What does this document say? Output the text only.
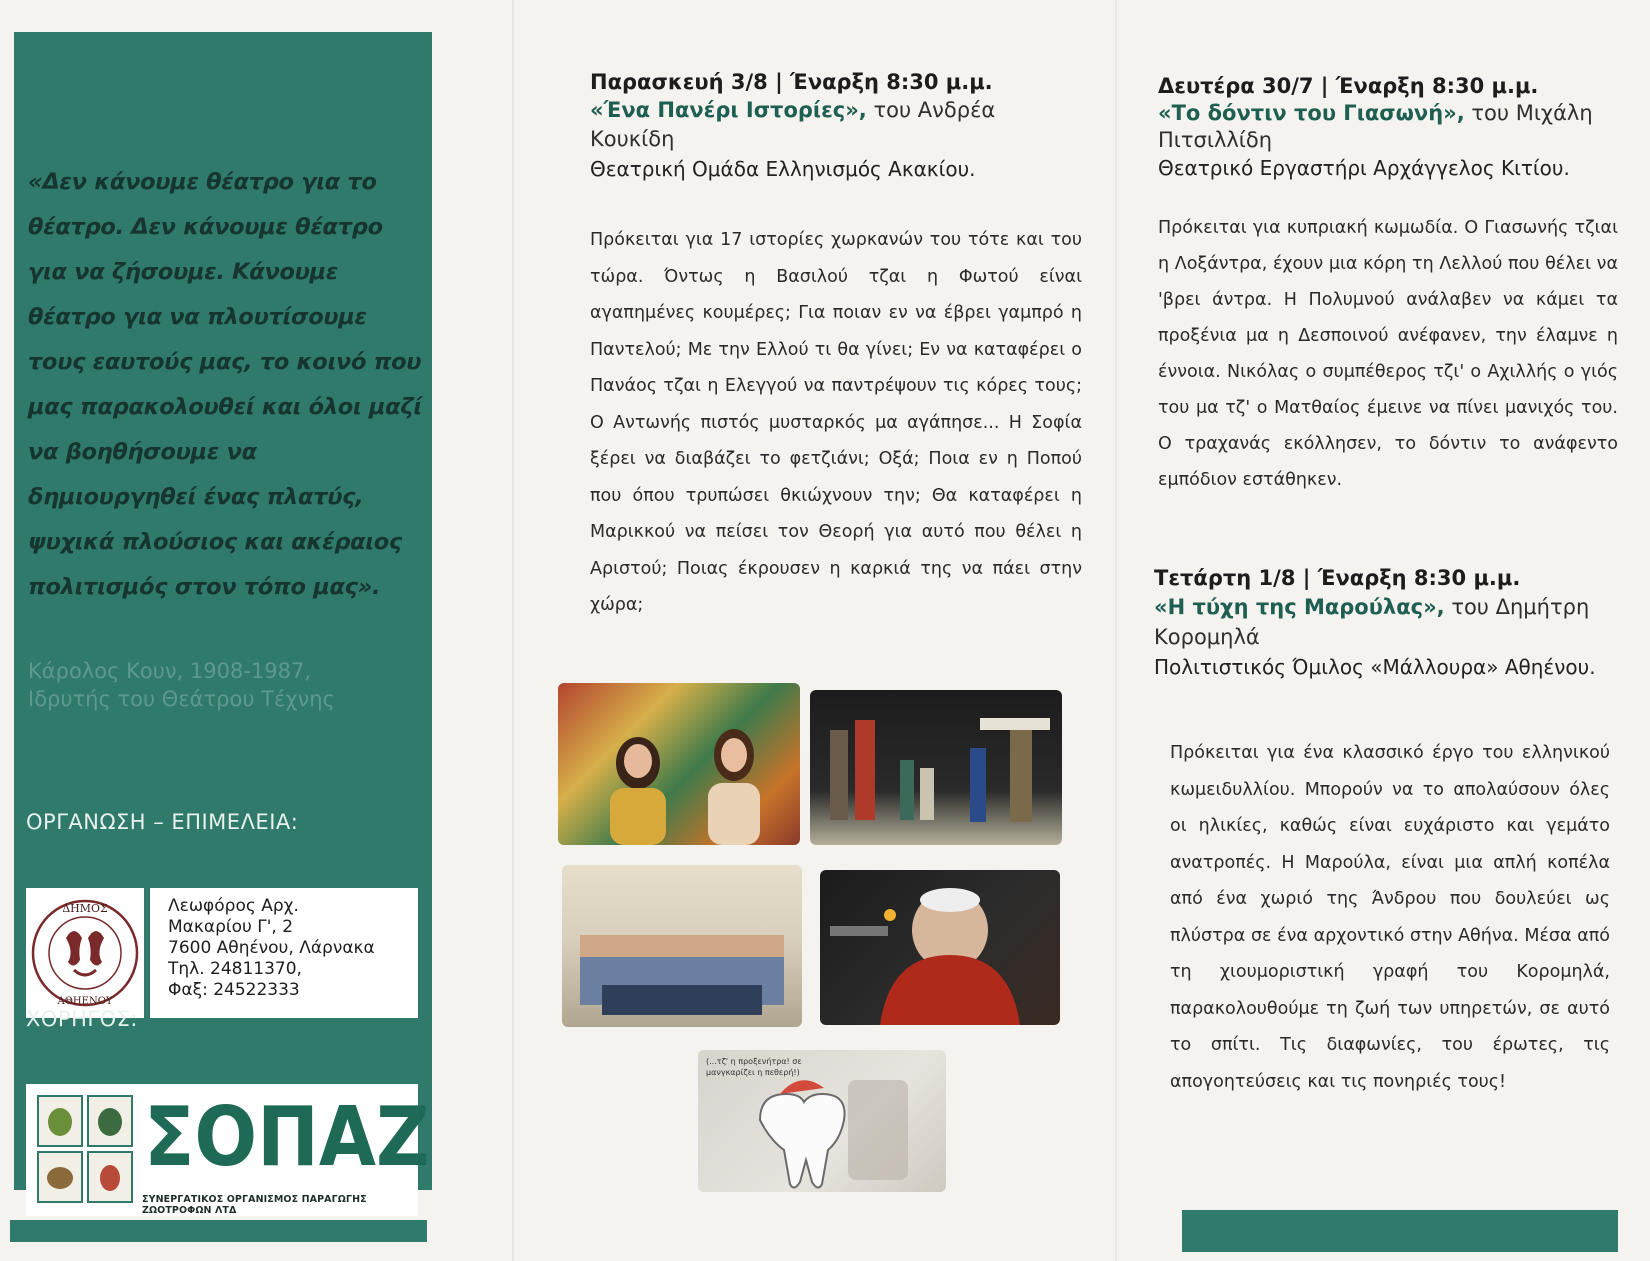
«Δεν κάνουμε θέατρο για το θέατρο. Δεν κάνουμε θέατρο για να ζήσουμε. Κάνουμε θέατρο για να πλουτίσουμε τους εαυτούς μας, το κοινό που μας παρακολουθεί και όλοι μαζί να βοηθήσουμε να δημιουργηθεί ένας πλατύς, ψυχικά πλούσιος και ακέραιος πολιτισμός στον τόπο μας».

Κάρολος Κουν, 1908-1987,
Ιδρυτής του Θεάτρου Τέχνης
ΟΡΓΑΝΩΣΗ – ΕΠΙΜΕΛΕΙΑ:
ΔΗΜΟΣ
ΑΘΗΕΝΟΥ
Λεωφόρος Αρχ.
Μακαρίου Γ', 2
7600 Αθηένου, Λάρνακα
Τηλ. 24811370,
Φαξ: 24522333
ΧΟΡΗΓΟΣ:
ΣΟΠΑΖ
ΣΥΝΕΡΓΑΤΙΚΟΣ ΟΡΓΑΝΙΣΜΟΣ ΠΑΡΑΓΩΓΗΣ ΖΩΟΤΡΟΦΩΝ ΛΤΔ

Παρασκευή 3/8 | Έναρξη 8:30 μ.μ.

«Ένα Πανέρι Ιστορίες», του Ανδρέα Κουκίδη

Θεατρική Ομάδα Ελληνισμός Ακακίου.

Πρόκειται για 17 ιστορίες χωρκανών του τότε και του τώρα. Όντως η Βασιλού τζαι η Φωτού είναι αγαπημένες κουμέρες; Για ποιαν εν να έβρει γαμπρό η Παντελού; Με την Ελλού τι θα γίνει; Εν να καταφέρει ο Πανάος τζαι η Ελεγγού να παντρέψουν τις κόρες τους; Ο Αντωνής πιστός μυσταρκός μα αγάπησε... Η Σοφία ξέρει να διαβάζει το φετζιάνι; Οξά; Ποια εν η Ποπού που όπου τρυπώσει θκιώχνουν την; Θα καταφέρει η Μαρικκού να πείσει τον Θεορή για αυτό που θέλει η Αριστού; Ποιας έκρουσεν η καρκιά της να πάει στην χώρα;

(...τζ' η προξενήτρα! σε μανγκαρίζει η πεθερή!)

Δευτέρα 30/7 | Έναρξη 8:30 μ.μ.

«Το δόντιν του Γιασωνή», του Μιχάλη Πιτσιλλίδη

Θεατρικό Εργαστήρι Αρχάγγελος Κιτίου.

Πρόκειται για κυπριακή κωμωδία. Ο Γιασωνής τζιαι η Λοξάντρα, έχουν μια κόρη τη Λελλού που θέλει να 'βρει άντρα. Η Πολυμνού ανάλαβεν να κάμει τα προξένια μα η Δεσποινού ανέφανεν, την έλαμνε η έννοια. Νικόλας ο συμπέθερος τζι' ο Αχιλλής ο γιός του μα τζ' ο Ματθαίος έμεινε να πίνει μανιχός του. Ο τραχανάς εκόλλησεν, το δόντιν το ανάφεντο εμπόδιον εστάθηκεν.

Τετάρτη 1/8 | Έναρξη 8:30 μ.μ.

«Η τύχη της Μαρούλας», του Δημήτρη Κορομηλά

Πολιτιστικός Όμιλος «Μάλλουρα» Αθηένου.

Πρόκειται για ένα κλασσικό έργο του ελληνικού κωμειδυλλίου. Μπορούν να το απολαύσουν όλες οι ηλικίες, καθώς είναι ευχάριστο και γεμάτο ανατροπές. Η Μαρούλα, είναι μια απλή κοπέλα από ένα χωριό της Άνδρου που δουλεύει ως πλύστρα σε ένα αρχοντικό στην Αθήνα. Μέσα από τη χιουμοριστική γραφή του Κορομηλά, παρακολουθούμε τη ζωή των υπηρετών, σε αυτό το σπίτι. Τις διαφωνίες, του έρωτες, τις απογοητεύσεις και τις πονηριές τους!
